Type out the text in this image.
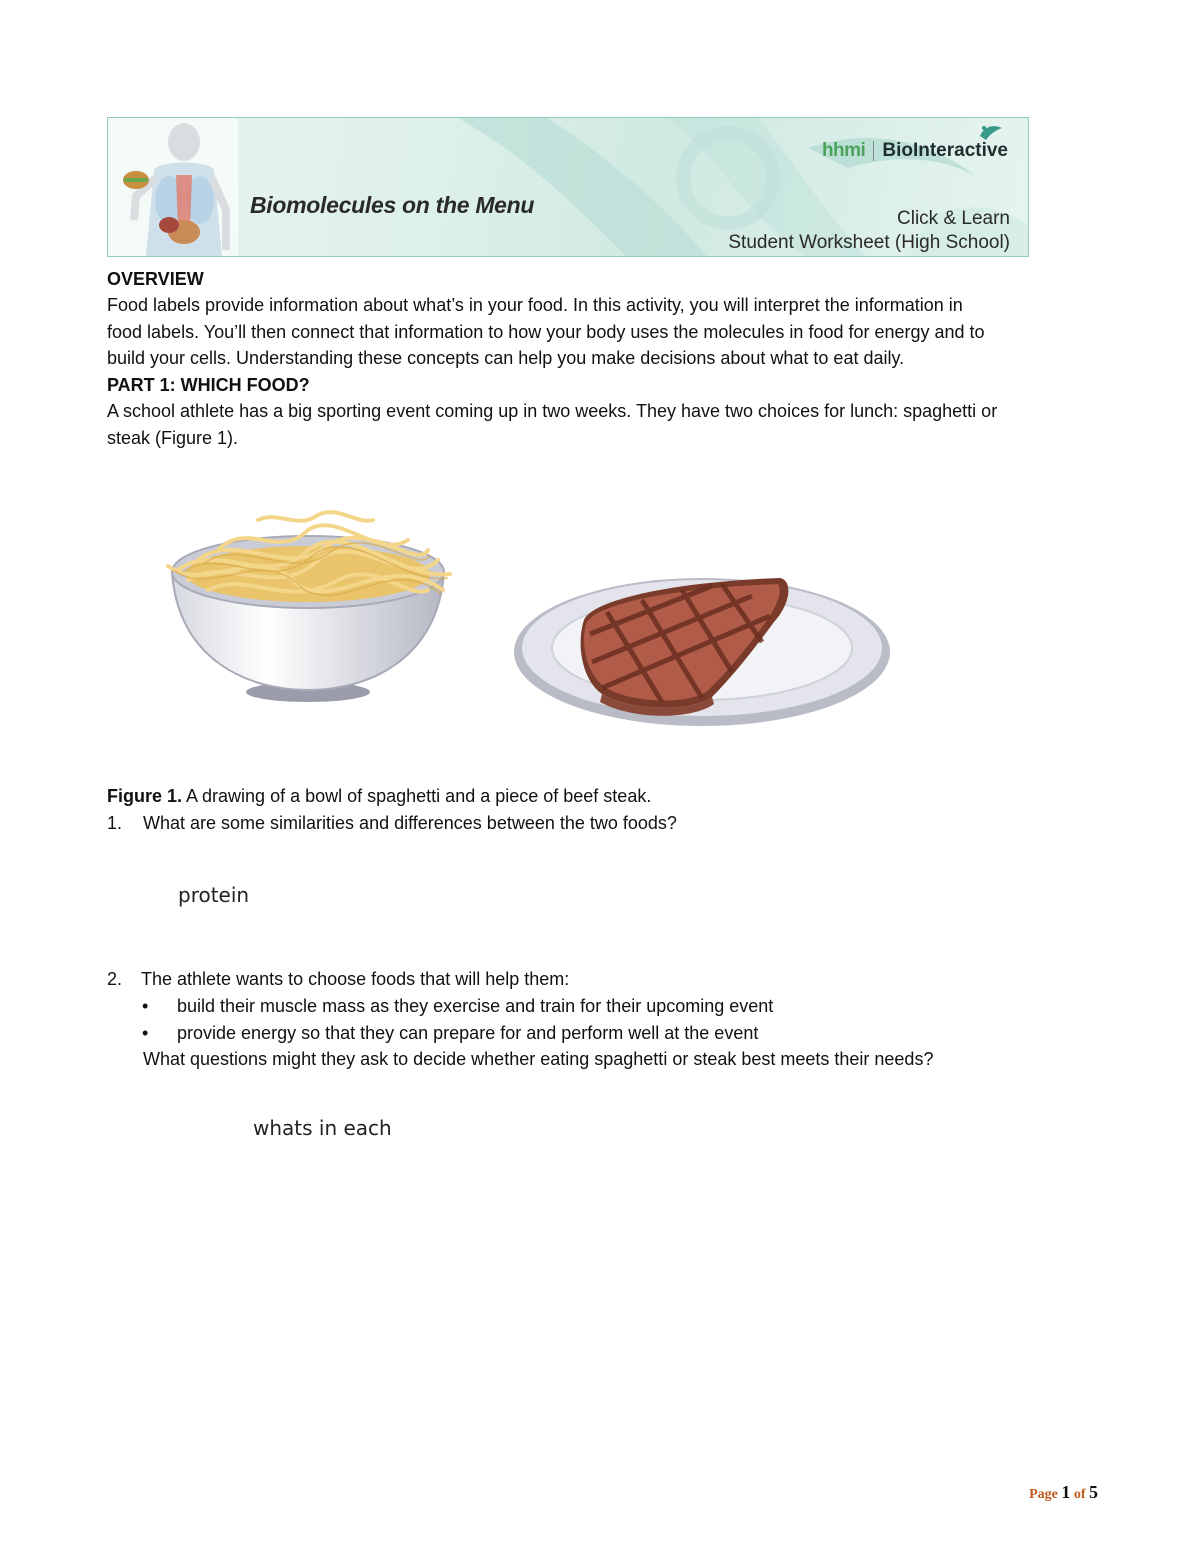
Biomolecules on the Menu
hhmi BioInteractive
Click & Learn
Student Worksheet (High School)
OVERVIEW
Food labels provide information about what’s in your food. In this activity, you will interpret the information in
food labels. You’ll then connect that information to how your body uses the molecules in food for energy and to
build your cells. Understanding these concepts can help you make decisions about what to eat daily.
PART 1: WHICH FOOD?
A school athlete has a big sporting event coming up in two weeks. They have two choices for lunch: spaghetti or
steak (Figure 1).
Figure 1. A drawing of a bowl of spaghetti and a piece of beef steak.
1. What are some similarities and differences between the two foods?
protein
2. The athlete wants to choose foods that will help them:
• build their muscle mass as they exercise and train for their upcoming event
• provide energy so that they can prepare for and perform well at the event
What questions might they ask to decide whether eating spaghetti or steak best meets their needs?
whats in each
Page 1 of 5
